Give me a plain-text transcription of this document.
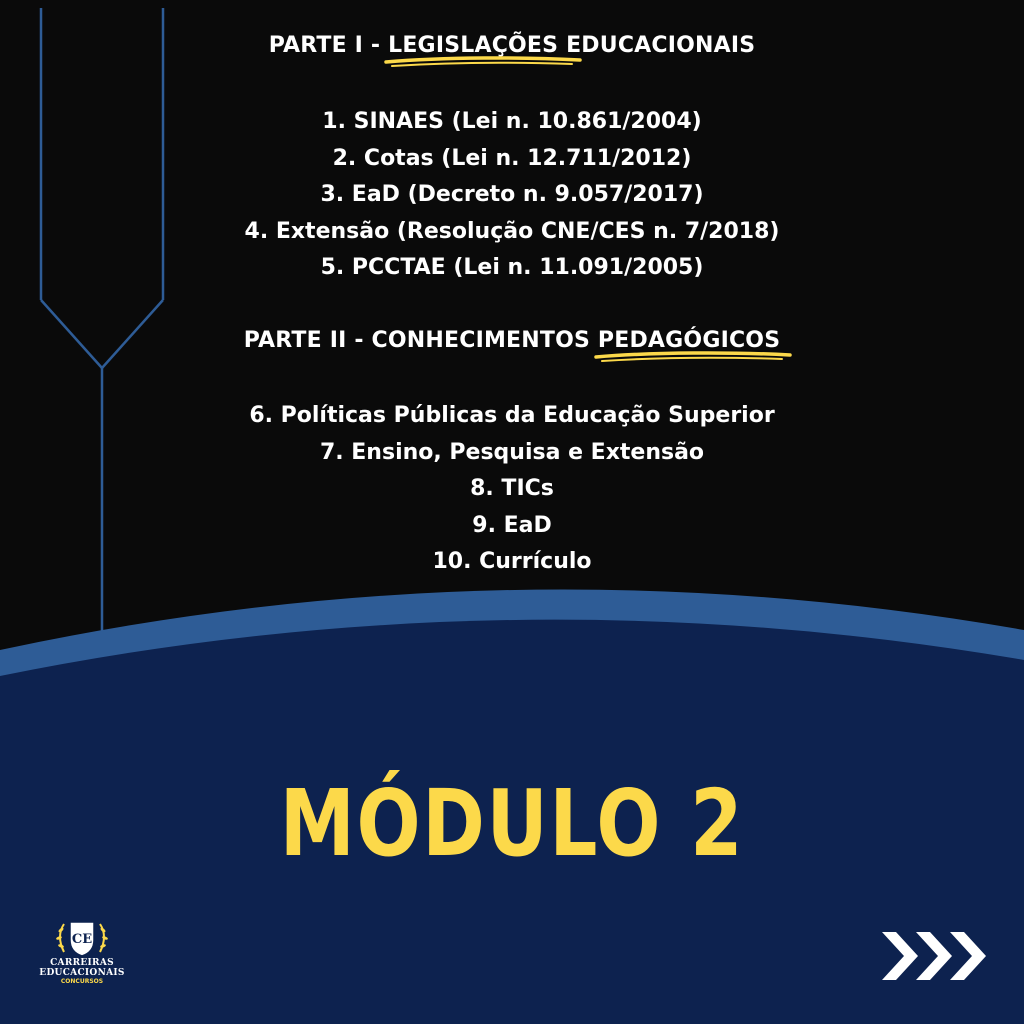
PARTE I - LEGISLAÇÕES EDUCACIONAIS
1. SINAES (Lei n. 10.861/2004)
2. Cotas (Lei n. 12.711/2012)
3. EaD (Decreto n. 9.057/2017)
4. Extensão (Resolução CNE/CES n. 7/2018)
5. PCCTAE (Lei n. 11.091/2005)
PARTE II - CONHECIMENTOS PEDAGÓGICOS
6. Políticas Públicas da Educação Superior
7. Ensino, Pesquisa e Extensão
8. TICs
9. EaD
10. Currículo
MÓDULO 2
CE
CARREIRAS
EDUCACIONAIS
CONCURSOS
